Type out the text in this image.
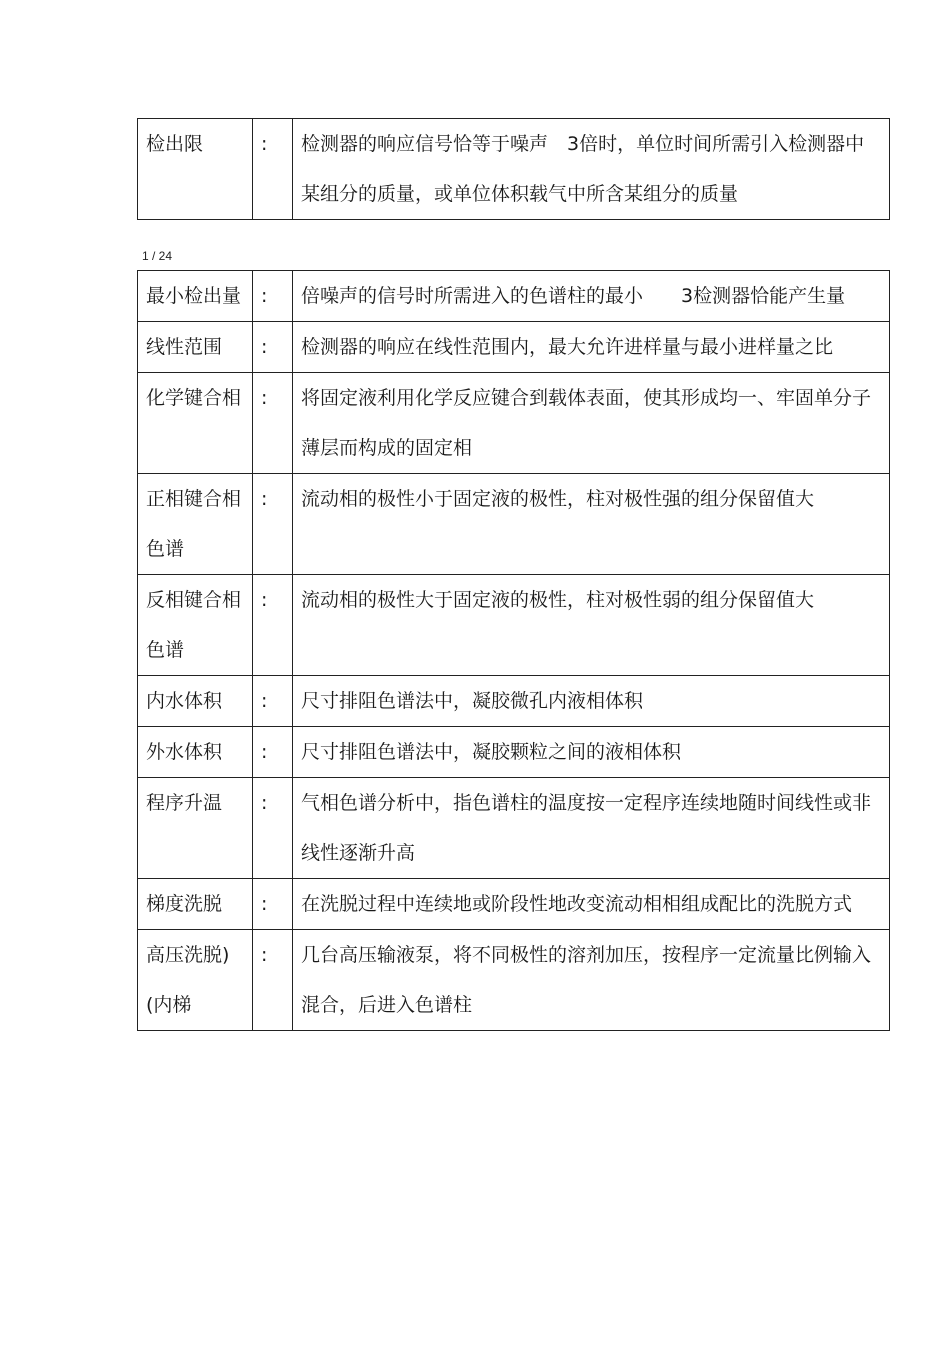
检出限	:	检测器的响应信号恰等于噪声　3倍时，单位时间所需引入检测器中某组分的质量，或单位体积载气中所含某组分的质量
1 / 24
最小检出量	:	倍噪声的信号时所需进入的色谱柱的最小　　3检测器恰能产生量
线性范围	:	检测器的响应在线性范围内，最大允许进样量与最小进样量之比
化学键合相	:	将固定液利用化学反应键合到载体表面，使其形成均一、牢固单分子薄层而构成的固定相
正相键合相色谱	:	流动相的极性小于固定液的极性，柱对极性强的组分保留值大
反相键合相色谱	:	流动相的极性大于固定液的极性，柱对极性弱的组分保留值大
内水体积	:	尺寸排阻色谱法中，凝胶微孔内液相体积
外水体积	:	尺寸排阻色谱法中，凝胶颗粒之间的液相体积
程序升温	:	气相色谱分析中，指色谱柱的温度按一定程序连续地随时间线性或非线性逐渐升高
梯度洗脱	:	在洗脱过程中连续地或阶段性地改变流动相相组成配比的洗脱方式
高压洗脱)(内梯	:	几台高压输液泵，将不同极性的溶剂加压，按程序一定流量比例输入混合，后进入色谱柱
